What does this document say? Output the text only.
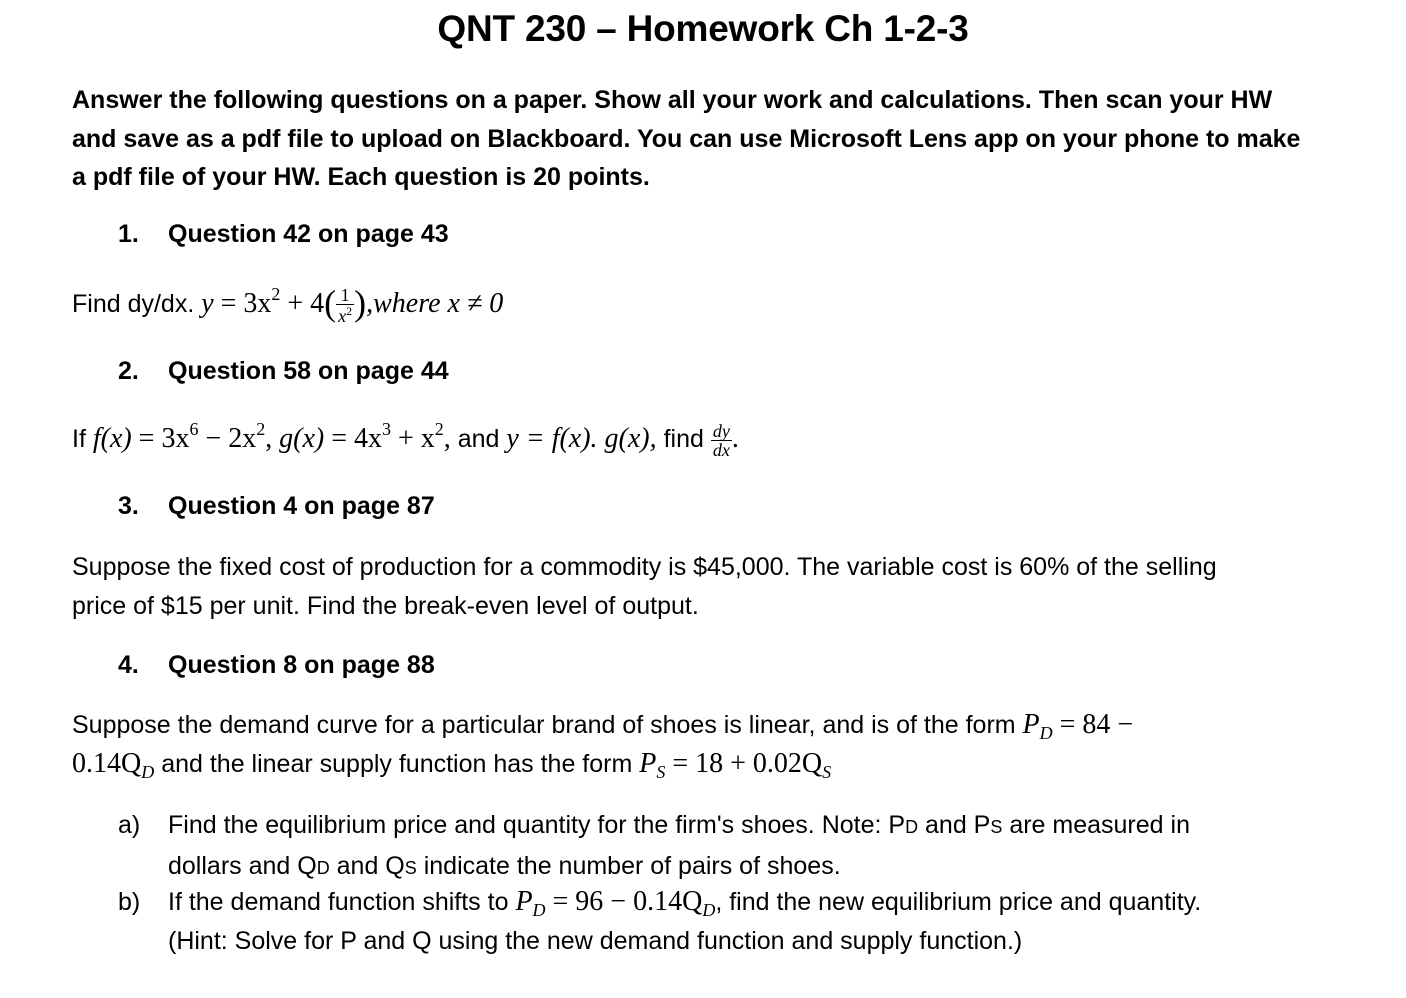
QNT 230 – Homework Ch 1-2-3
Answer the following questions on a paper. Show all your work and calculations. Then scan your HW
and save as a pdf file to upload on Blackboard. You can use Microsoft Lens app on your phone to make
a pdf file of your HW. Each question is 20 points.
1. Question 42 on page 43
Find dy/dx. $y = 3x^2 + 4( \frac{1}{x^2}$ ),where x ≠ 0
2. Question 58 on page 44
If $f(x) = 3x^6 - 2x^2$, $g(x) = 4x^3 + x^2$, and y = f(x). g(x), find $\frac{dy}{dx}$ .
3. Question 4 on page 87
Suppose the fixed cost of production for a commodity is $45,000. The variable cost is 60% of the selling
price of $15 per unit. Find the break-even level of output.
4. Question 8 on page 88
Suppose the demand curve for a particular brand of shoes is linear, and is of the form $P_D = 84$ −
$0.14Q_D$ and the linear supply function has the form $P_S = 18 + 0.02Q_S$
a) Find the equilibrium price and quantity for the firm's shoes. Note: PD and PS are measured in
dollars and QD and QS indicate the number of pairs of shoes.
b) If the demand function shifts to $P_D = 96 - 0.14Q_D$, find the new equilibrium price and quantity.
(Hint: Solve for P and Q using the new demand function and supply function.)
